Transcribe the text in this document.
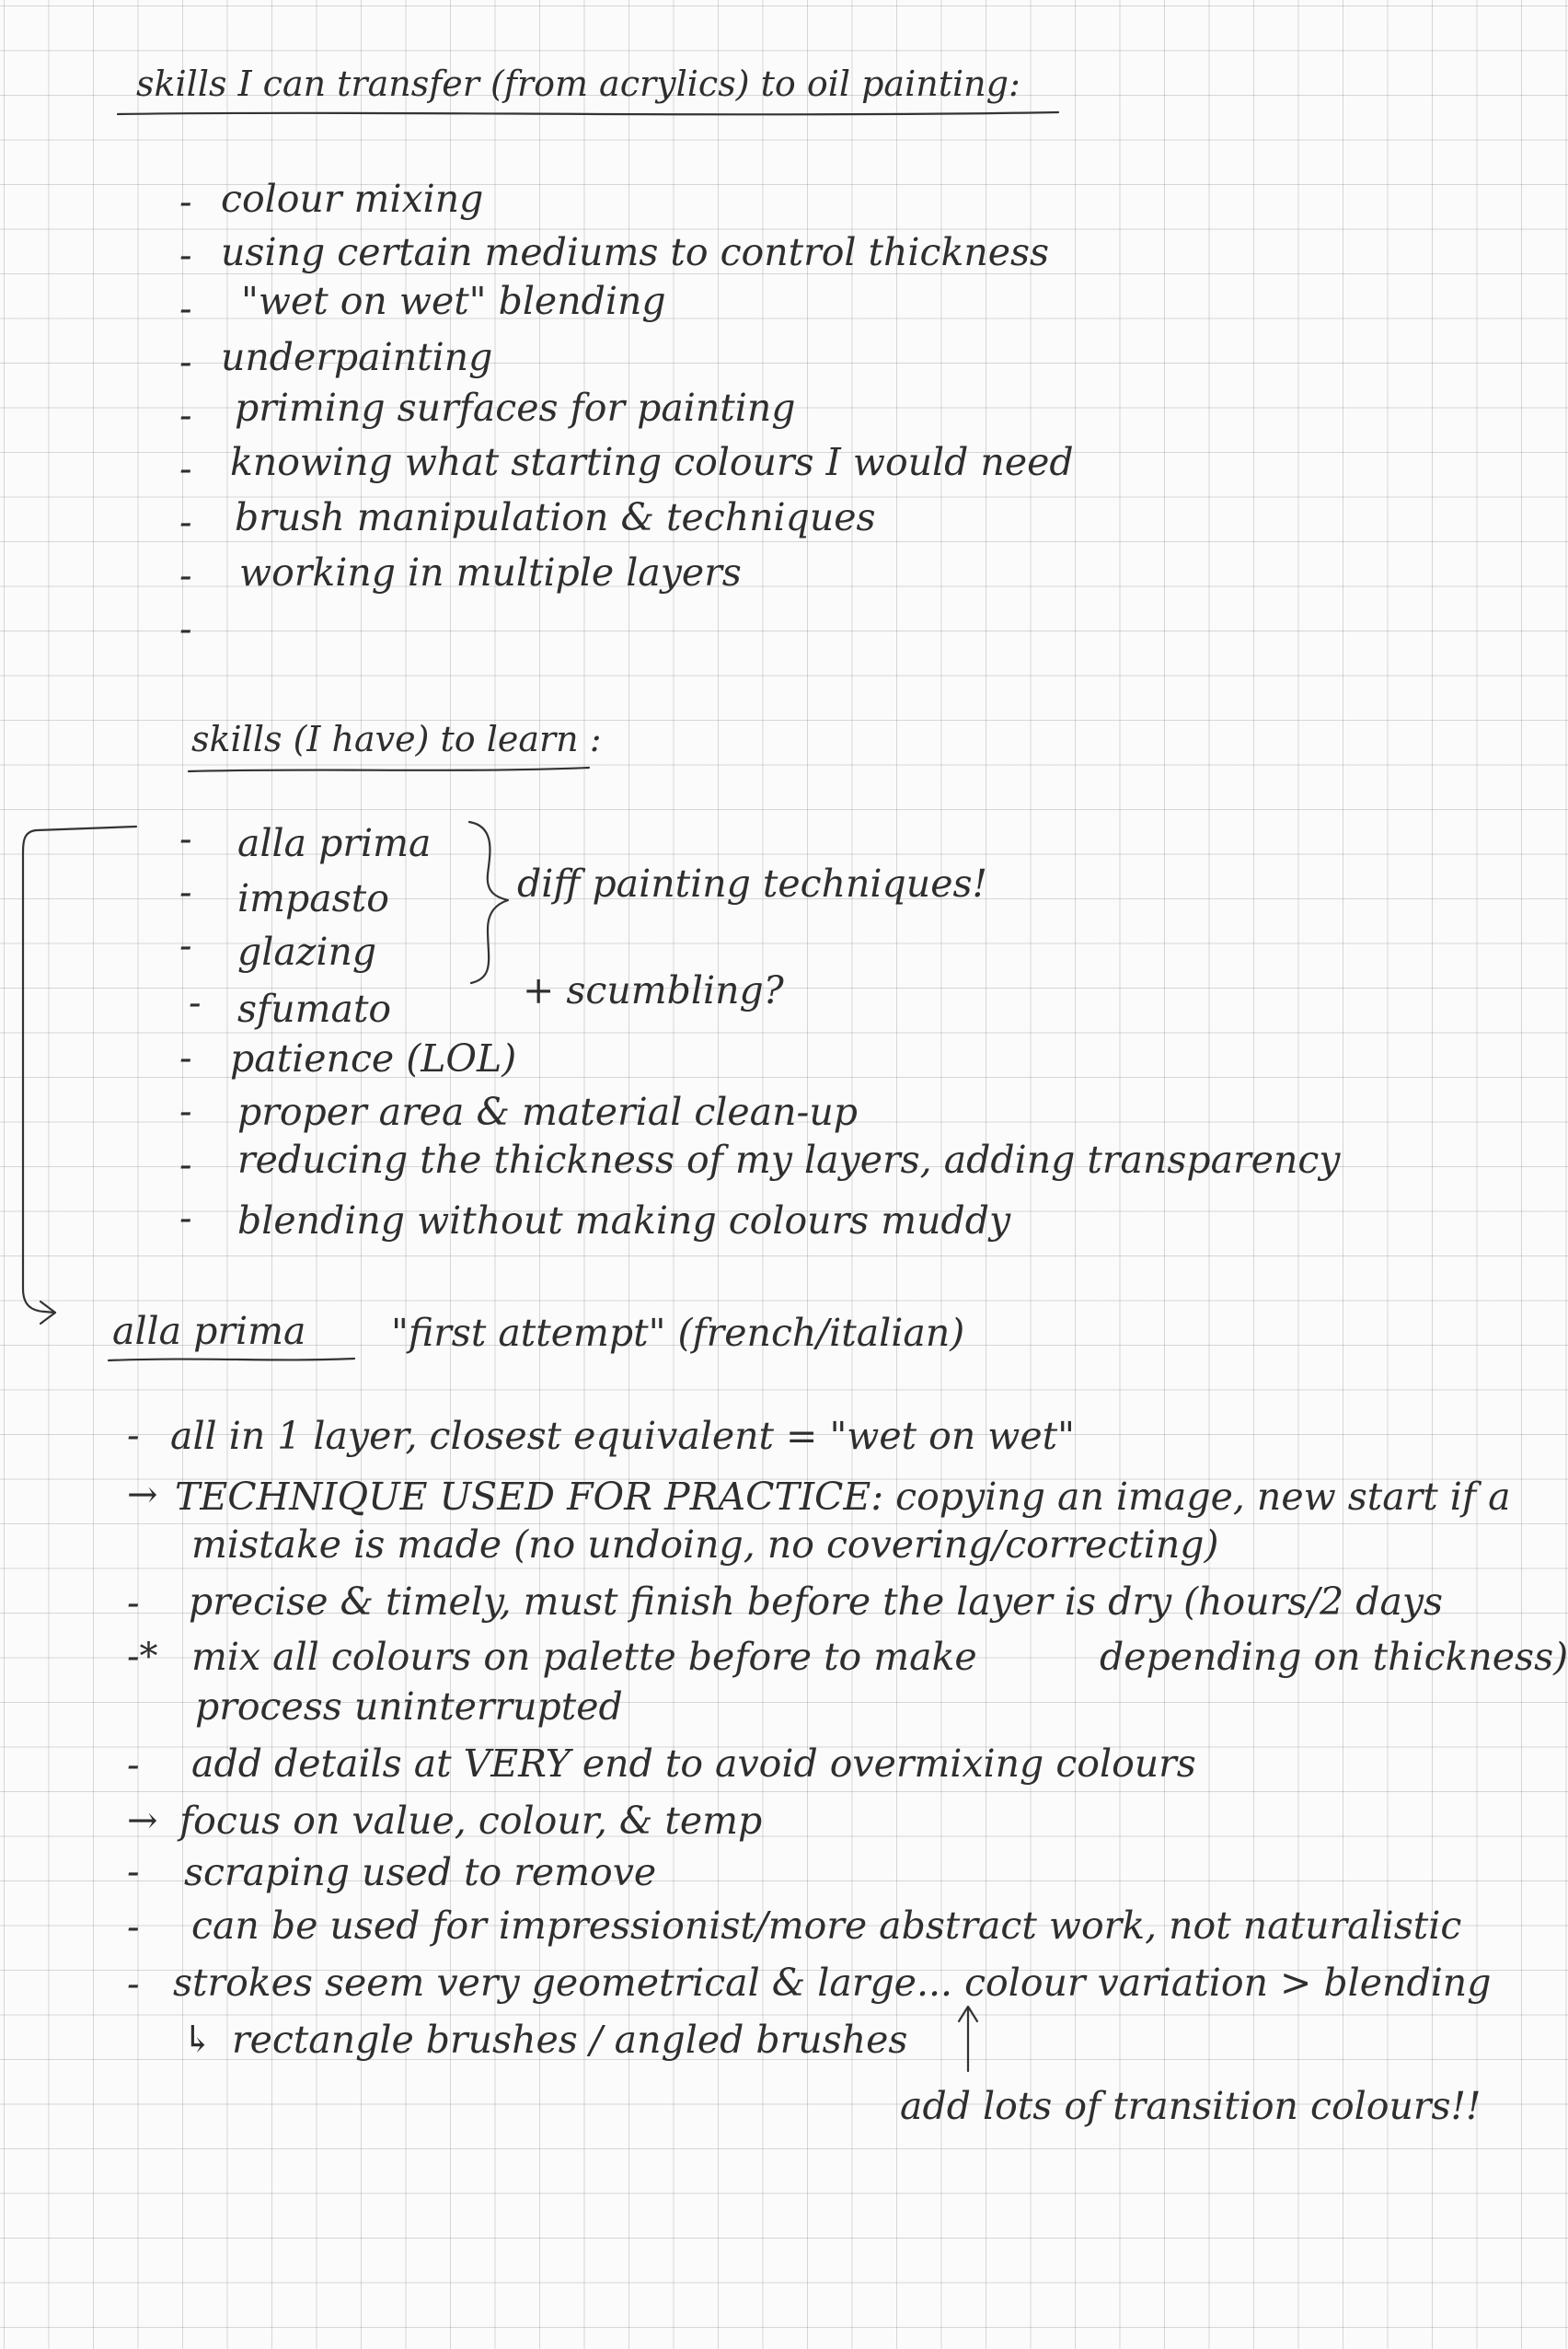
skills I can transfer (from acrylics) to oil painting:
- colour mixing
- using certain mediums to control thickness
- "wet on wet" blending
- underpainting
- priming surfaces for painting
- knowing what starting colours I would need
- brush manipulation & techniques
- working in multiple layers
-
skills (I have) to learn :
- alla prima
- impasto
- glazing
- sfumato
- patience (LOL)
- proper area & material clean-up
- reducing the thickness of my layers, adding transparency
- blending without making colours muddy
diff painting techniques!
+ scumbling?
alla prima "first attempt" (french/italian)
- all in 1 layer, closest equivalent = "wet on wet"
→ TECHNIQUE USED FOR PRACTICE: copying an image, new start if a
mistake is made (no undoing, no covering/correcting)
- precise & timely, must finish before the layer is dry (hours/2 days
-* mix all colours on palette before to make	depending on thickness)
process uninterrupted
- add details at VERY end to avoid overmixing colours
→ focus on value, colour, & temp
- scraping used to remove
- can be used for impressionist/more abstract work, not naturalistic
- strokes seem very geometrical & large... colour variation > blending
↳ rectangle brushes / angled brushes
add lots of transition colours!!
